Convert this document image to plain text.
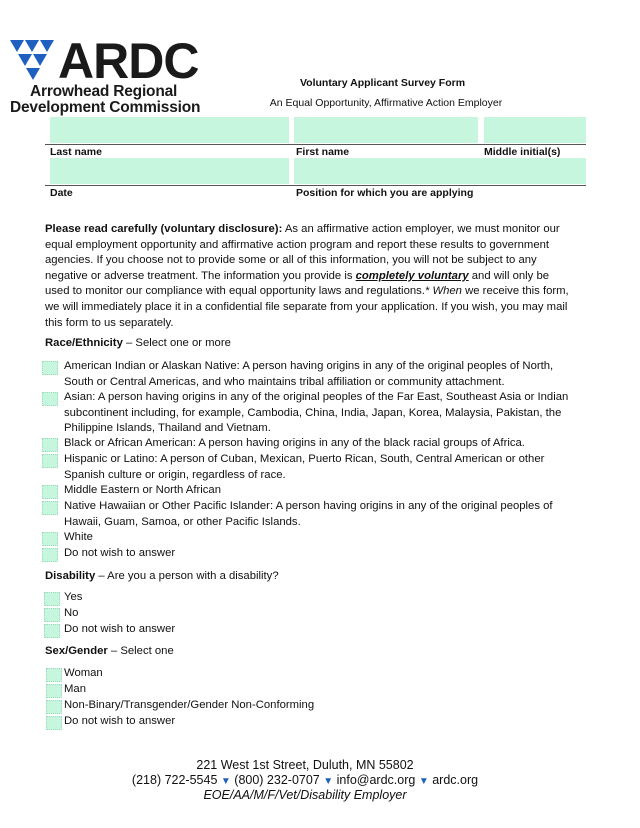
ARDC
Arrowhead Regional
Development Commission
Voluntary Applicant Survey Form
An Equal Opportunity, Affirmative Action Employer
Last name	First name	Middle initial(s)
Date	Position for which you are applying
Please read carefully (voluntary disclosure): As an affirmative action employer, we must monitor our equal employment opportunity and affirmative action program and report these results to government agencies. If you choose not to provide some or all of this information, you will not be subject to any negative or adverse treatment. The information you provide is completely voluntary and will only be used to monitor our compliance with equal opportunity laws and regulations.* When we receive this form, we will immediately place it in a confidential file separate from your application. If you wish, you may mail this form to us separately.
Race/Ethnicity – Select one or more
American Indian or Alaskan Native: A person having origins in any of the original peoples of North, South or Central Americas, and who maintains tribal affiliation or community attachment.
Asian: A person having origins in any of the original peoples of the Far East, Southeast Asia or Indian subcontinent including, for example, Cambodia, China, India, Japan, Korea, Malaysia, Pakistan, the Philippine Islands, Thailand and Vietnam.
Black or African American: A person having origins in any of the black racial groups of Africa.
Hispanic or Latino: A person of Cuban, Mexican, Puerto Rican, South, Central American or other Spanish culture or origin, regardless of race.
Middle Eastern or North African
Native Hawaiian or Other Pacific Islander: A person having origins in any of the original peoples of Hawaii, Guam, Samoa, or other Pacific Islands.
White
Do not wish to answer
Disability – Are you a person with a disability?
Yes
No
Do not wish to answer
Sex/Gender – Select one
Woman
Man
Non-Binary/Transgender/Gender Non-Conforming
Do not wish to answer
221 West 1st Street, Duluth, MN 55802
(218) 722-5545 ▼ (800) 232-0707 ▼ info@ardc.org ▼ ardc.org
EOE/AA/M/F/Vet/Disability Employer
